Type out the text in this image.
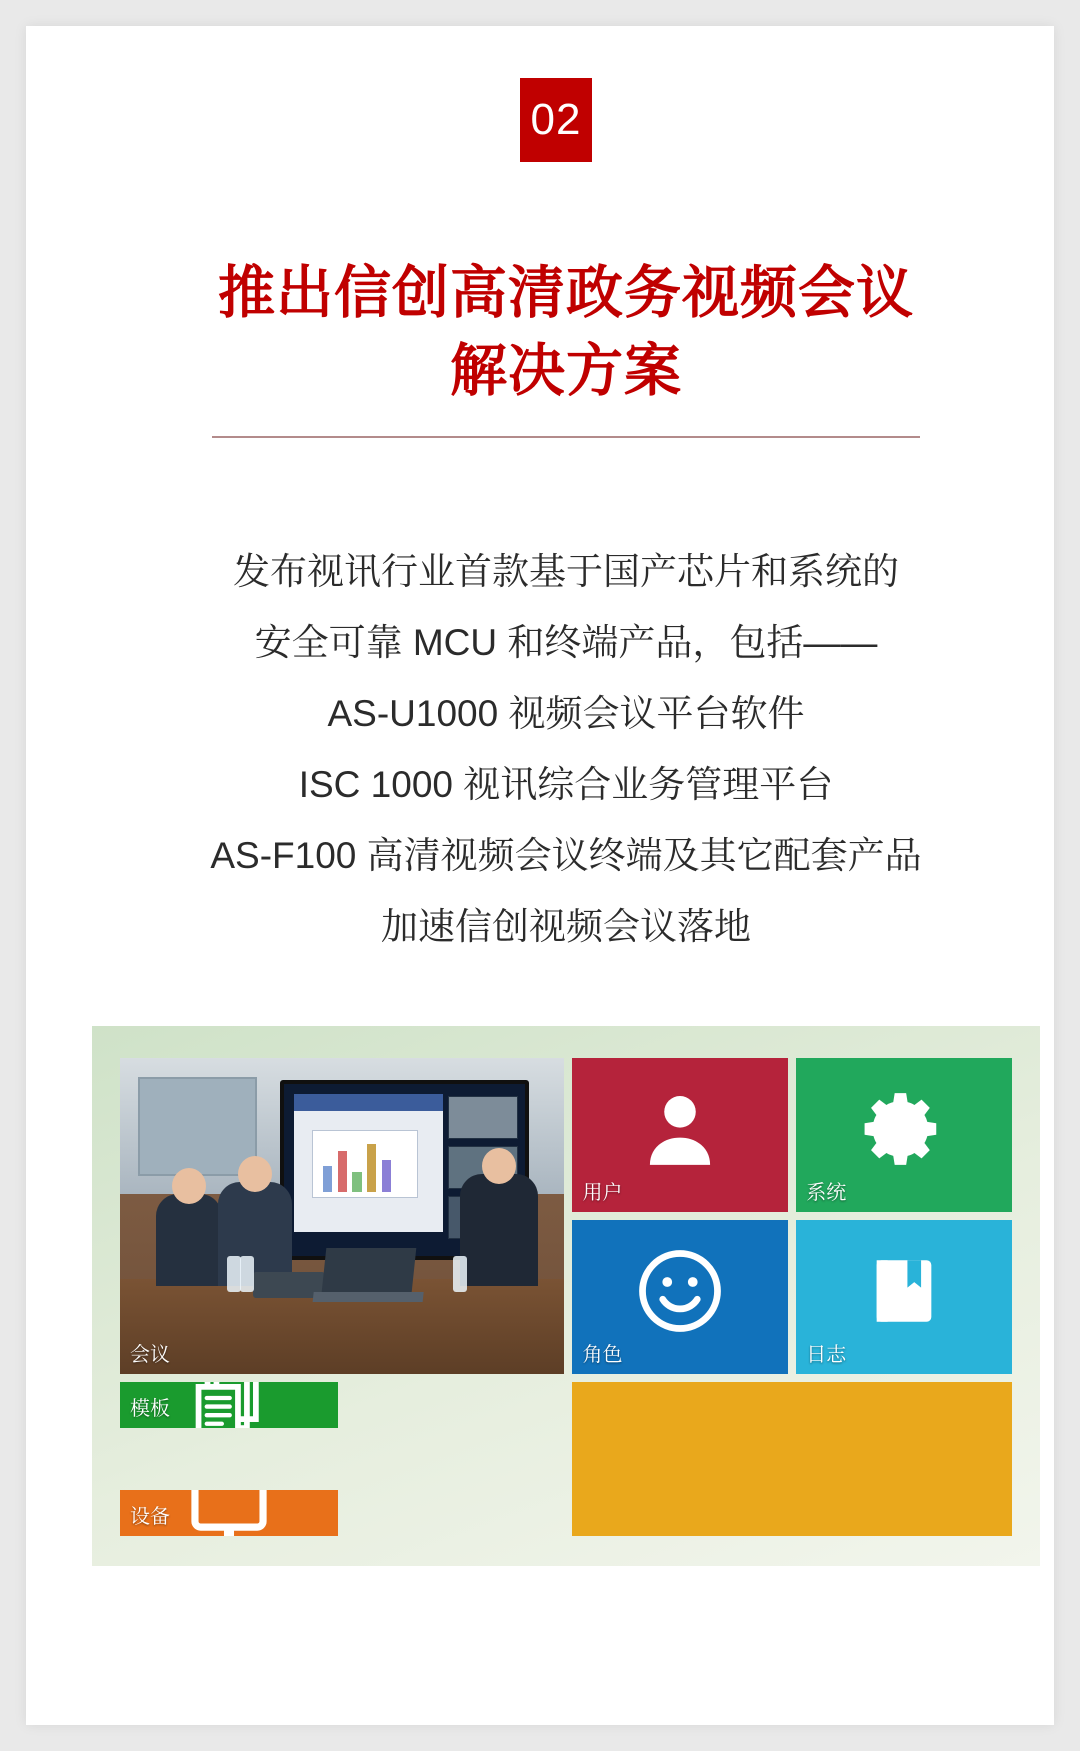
02
推出信创高清政务视频会议
解决方案
发布视讯行业首款基于国产芯片和系统的
安全可靠 MCU 和终端产品，包括——
AS-U1000 视频会议平台软件
ISC 1000 视讯综合业务管理平台
AS-F100 高清视频会议终端及其它配套产品
加速信创视频会议落地
会议
用户	系统
角色	日志
设备
模板
